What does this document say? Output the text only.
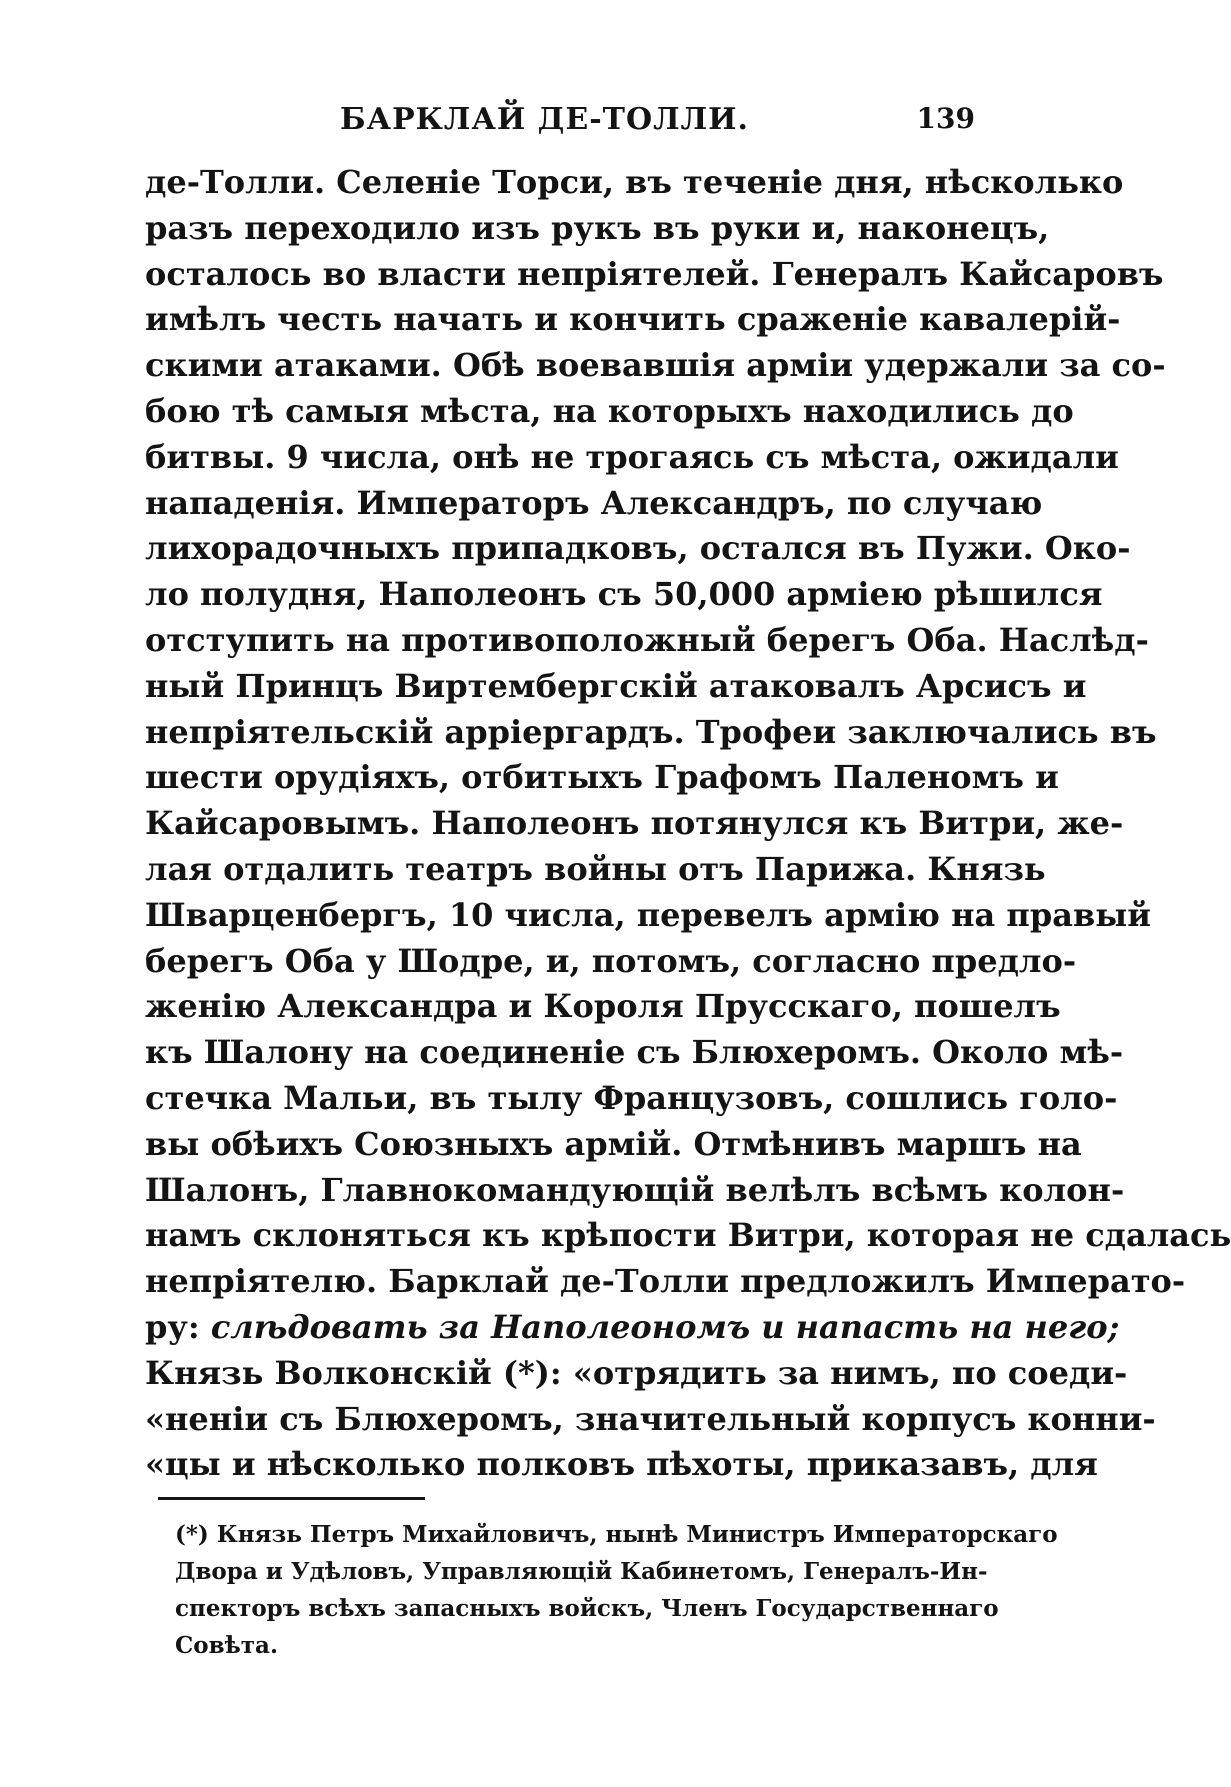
БАРКЛАЙ ДЕ-ТОЛЛИ.	139
де-Толли. Селеніе Торси, въ теченіе дня, нѣсколько
разъ переходило изъ рукъ въ руки и, наконецъ,
осталось во власти непріятелей. Генералъ Кайсаровъ
имѣлъ честь начать и кончить сраженіе кавалерій-
скими атаками. Обѣ воевавшія арміи удержали за со-
бою тѣ самыя мѣста, на которыхъ находились до
битвы. 9 числа, онѣ не трогаясь съ мѣста, ожидали
нападенія. Императоръ Александръ, по случаю
лихорадочныхъ припадковъ, остался въ Пужи. Око-
ло полудня, Наполеонъ съ 50,000 арміею рѣшился
отступить на противоположный берегъ Оба. Наслѣд-
ный Принцъ Виртембергскій атаковалъ Арсисъ и
непріятельскій арріергардъ. Трофеи заключались въ
шести орудіяхъ, отбитыхъ Графомъ Паленомъ и
Кайсаровымъ. Наполеонъ потянулся къ Витри, же-
лая отдалить театръ войны отъ Парижа. Князь
Шварценбергъ, 10 числа, перевелъ армію на правый
берегъ Оба у Шодре, и, потомъ, согласно предло-
женію Александра и Короля Прусскаго, пошелъ
къ Шалону на соединеніе съ Блюхеромъ. Около мѣ-
стечка Мальи, въ тылу Французовъ, сошлись голо-
вы обѣихъ Союзныхъ армій. Отмѣнивъ маршъ на
Шалонъ, Главнокомандующій велѣлъ всѣмъ колон-
намъ склоняться къ крѣпости Витри, которая не сдалась
непріятелю. Барклай де-Толли предложилъ Императо-
ру: слѣдовать за Наполеономъ и напасть на него;
Князь Волконскій (*): «отрядить за нимъ, по соеди-
«неніи съ Блюхеромъ, значительный корпусъ конни-
«цы и нѣсколько полковъ пѣхоты, приказавъ, для
(*) Князь Петръ Михайловичъ, нынѣ Министръ Императорскаго
Двора и Удѣловъ, Управляющій Кабинетомъ, Генералъ-Ин-
спекторъ всѣхъ запасныхъ войскъ, Членъ Государственнаго
Совѣта.
